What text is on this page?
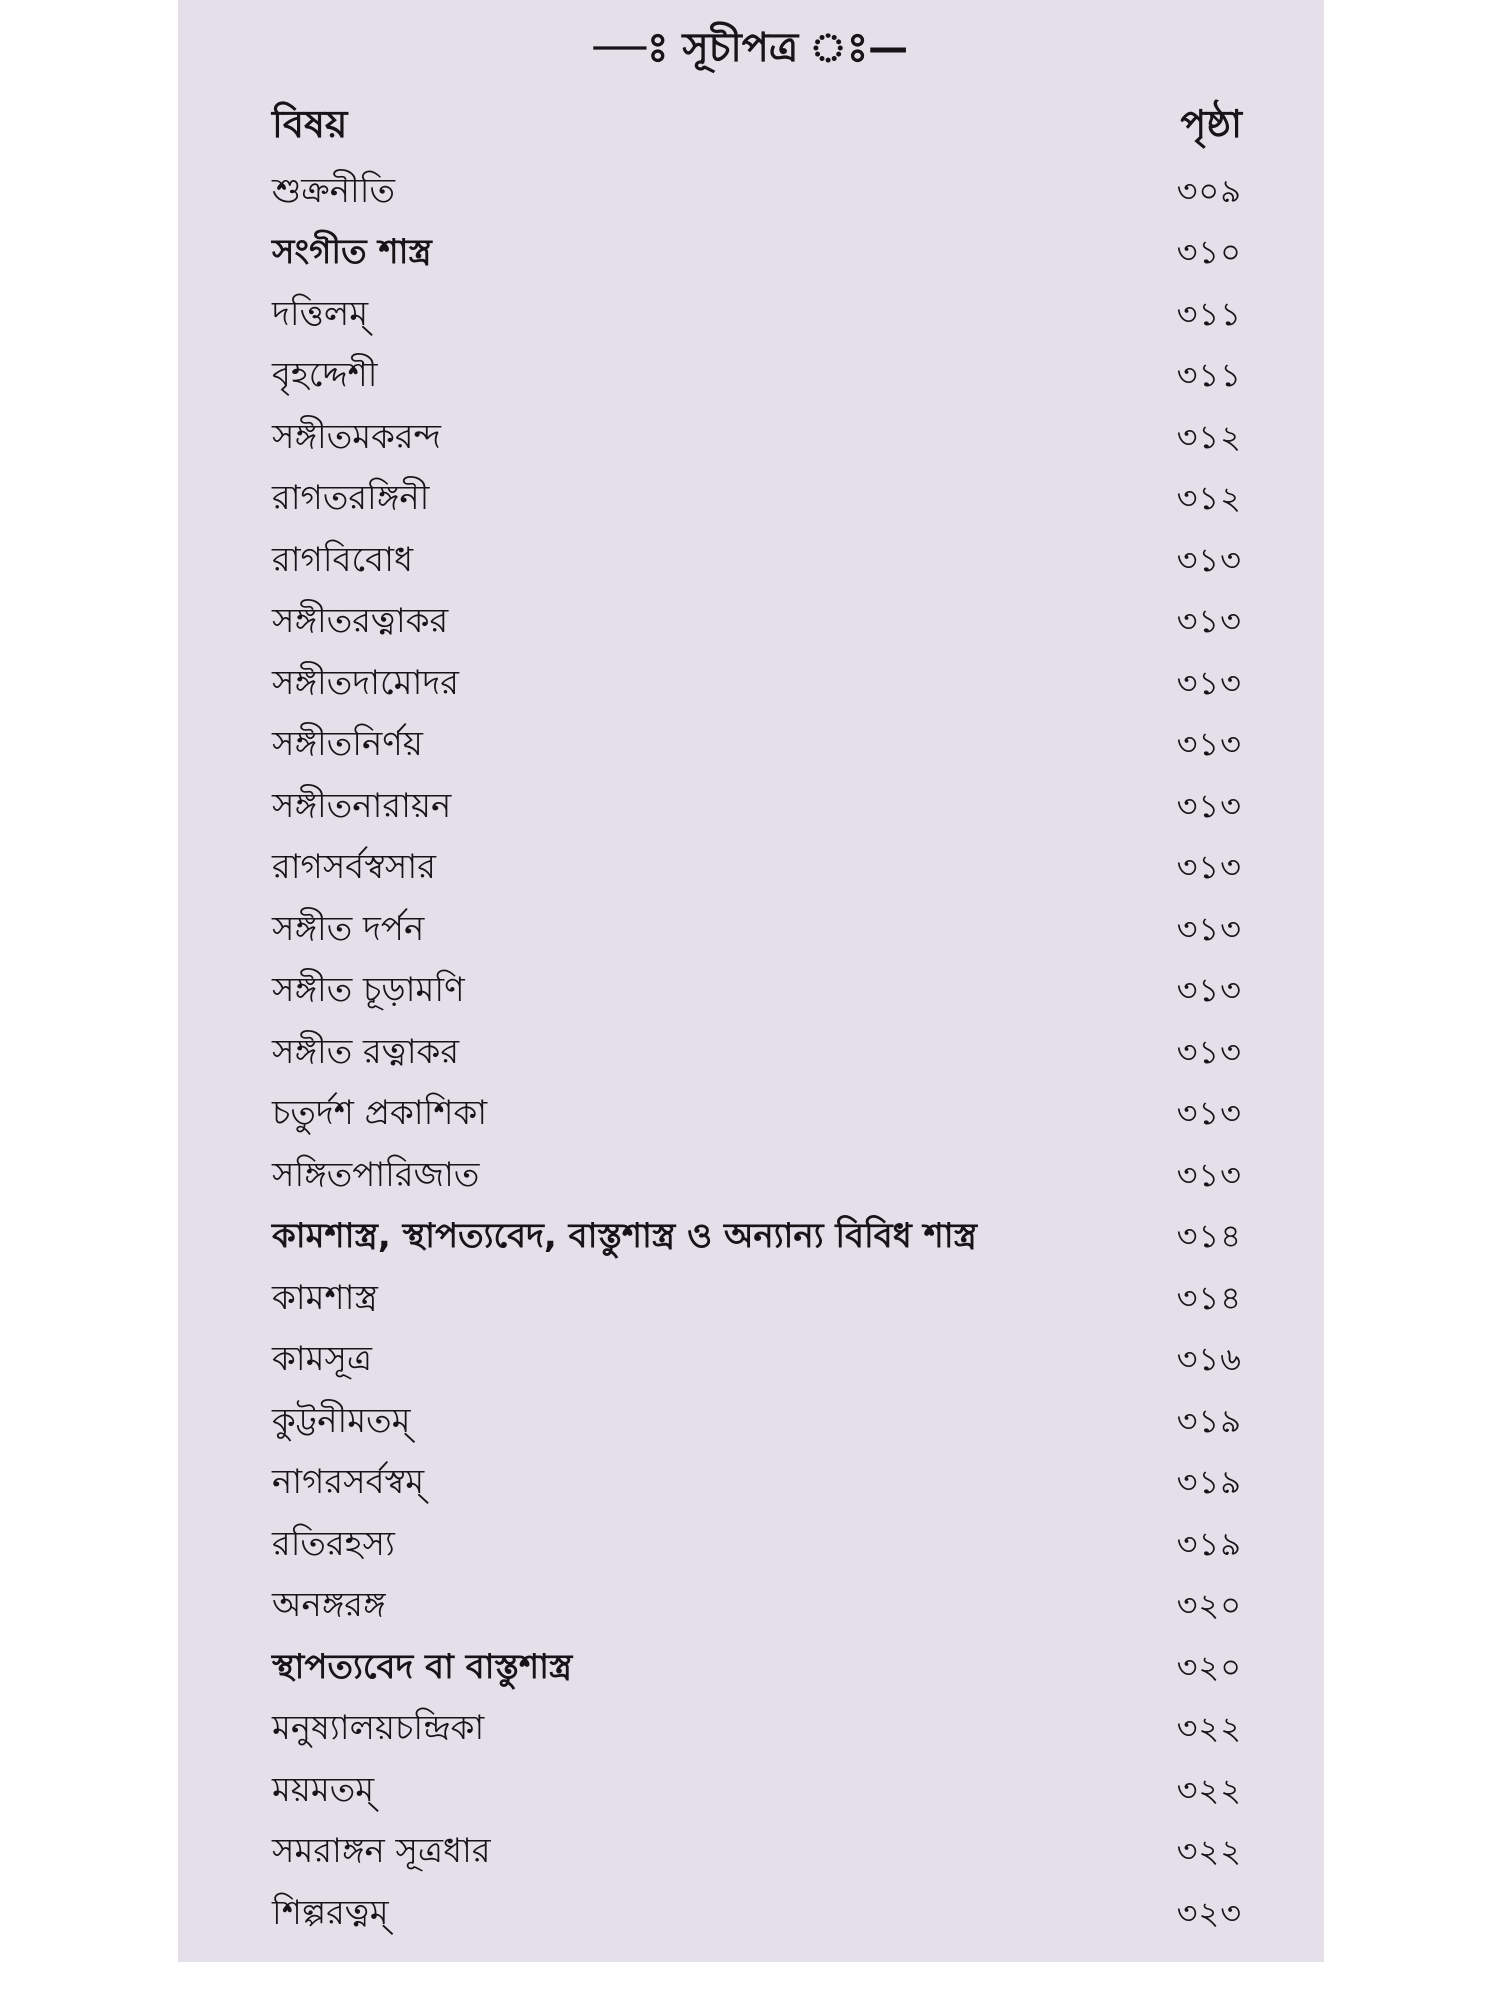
—ঃ সূচীপত্র ঃ—
বিষয়	পৃষ্ঠা
শুক্রনীতি	৩০৯
সংগীত শাস্ত্র	৩১০
দত্তিলম্	৩১১
বৃহদ্দেশী	৩১১
সঙ্গীতমকরন্দ	৩১২
রাগতরঙ্গিনী	৩১২
রাগবিবোধ	৩১৩
সঙ্গীতরত্নাকর	৩১৩
সঙ্গীতদামোদর	৩১৩
সঙ্গীতনির্ণয়	৩১৩
সঙ্গীতনারায়ন	৩১৩
রাগসর্বস্বসার	৩১৩
সঙ্গীত দর্পন	৩১৩
সঙ্গীত চূড়ামণি	৩১৩
সঙ্গীত রত্নাকর	৩১৩
চতুর্দশ প্রকাশিকা	৩১৩
সঙ্গিতপারিজাত	৩১৩
কামশাস্ত্র, স্থাপত্যবেদ, বাস্তুশাস্ত্র ও অন্যান্য বিবিধ শাস্ত্র	৩১৪
কামশাস্ত্র	৩১৪
কামসূত্র	৩১৬
কুট্টনীমতম্	৩১৯
নাগরসর্বস্বম্	৩১৯
রতিরহস্য	৩১৯
অনঙ্গরঙ্গ	৩২০
স্থাপত্যবেদ বা বাস্তুশাস্ত্র	৩২০
মনুষ্যালয়চন্দ্রিকা	৩২২
ময়মতম্	৩২২
সমরাঙ্গন সূত্রধার	৩২২
শিল্পরত্নম্	৩২৩
